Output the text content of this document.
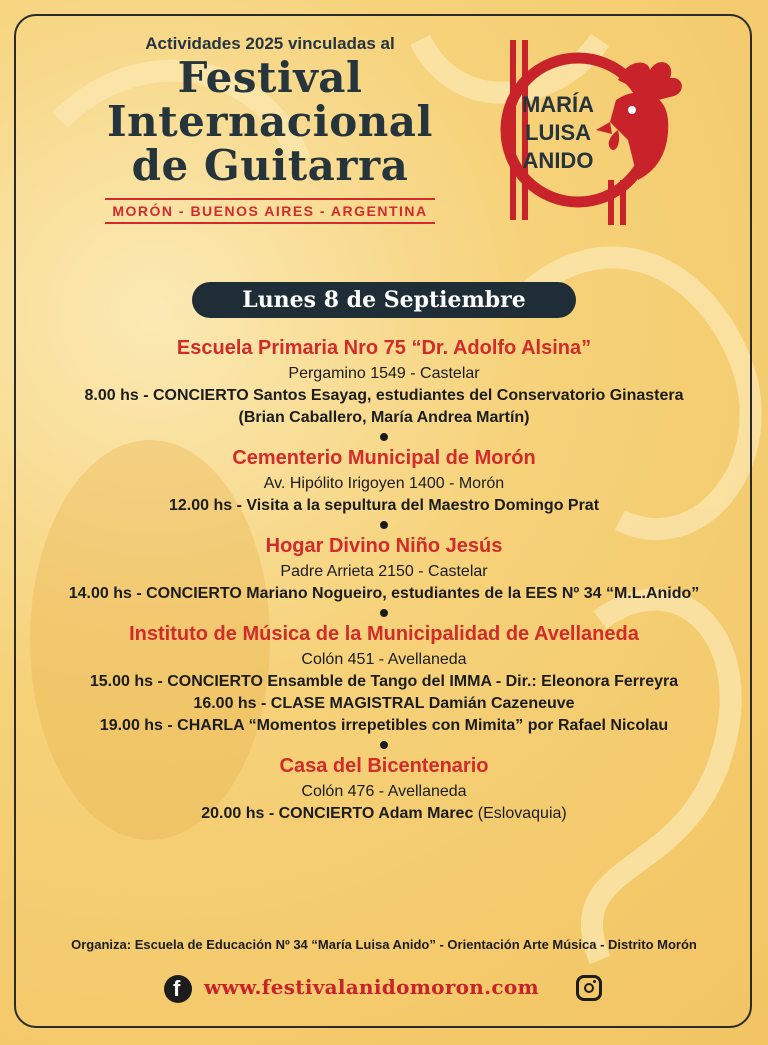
Actividades 2025 vinculadas al
Festival
Internacional
de Guitarra
MORÓN - BUENOS AIRES - ARGENTINA
MARÍA
LUISA
ANIDO
Lunes 8 de Septiembre
Escuela Primaria Nro 75 “Dr. Adolfo Alsina”
Pergamino 1549 - Castelar
8.00 hs - CONCIERTO Santos Esayag, estudiantes del Conservatorio Ginastera
(Brian Caballero, María Andrea Martín)
Cementerio Municipal de Morón
Av. Hipólito Irigoyen 1400 - Morón
12.00 hs - Visita a la sepultura del Maestro Domingo Prat
Hogar Divino Niño Jesús
Padre Arrieta 2150 - Castelar
14.00 hs - CONCIERTO Mariano Nogueiro, estudiantes de la EES Nº 34 “M.L.Anido”
Instituto de Música de la Municipalidad de Avellaneda
Colón 451 - Avellaneda
15.00 hs - CONCIERTO Ensamble de Tango del IMMA - Dir.: Eleonora Ferreyra
16.00 hs - CLASE MAGISTRAL Damián Cazeneuve
19.00 hs - CHARLA “Momentos irrepetibles con Mimita” por Rafael Nicolau
Casa del Bicentenario
Colón 476 - Avellaneda
20.00 hs - CONCIERTO Adam Marec (Eslovaquia)
Organiza: Escuela de Educación Nº 34 “María Luisa Anido” - Orientación Arte Música - Distrito Morón
f www.festivalanidomoron.com
